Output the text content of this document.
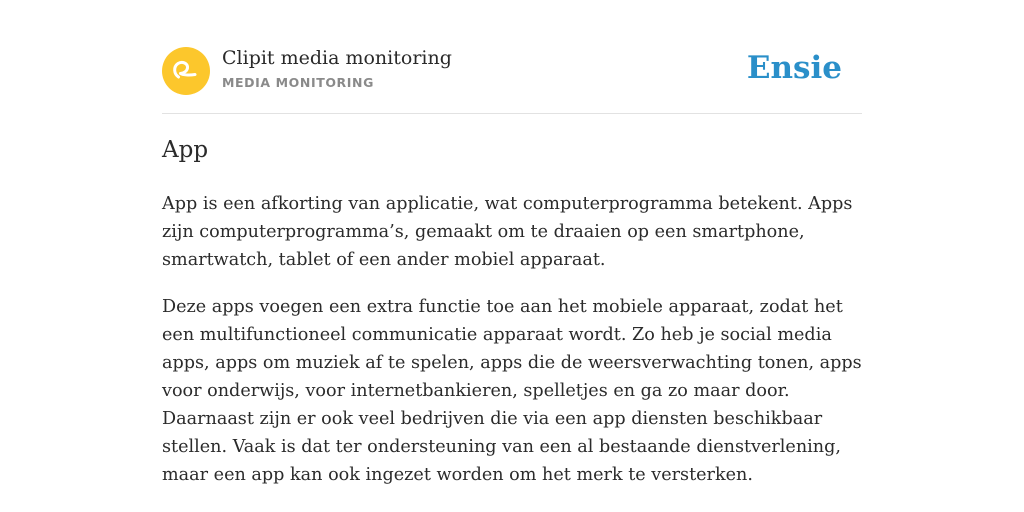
Clipit media monitoring
MEDIA MONITORING	Ensie
App

App is een afkorting van applicatie, wat computerprogramma betekent. Apps zijn computerprogramma’s, gemaakt om te draaien op een smartphone, smartwatch, tablet of een ander mobiel apparaat.

Deze apps voegen een extra functie toe aan het mobiele apparaat, zodat het een multifunctioneel communicatie apparaat wordt. Zo heb je social media apps, apps om muziek af te spelen, apps die de weersverwachting tonen, apps voor onderwijs, voor internetbankieren, spelletjes en ga zo maar door. Daarnaast zijn er ook veel bedrijven die via een app diensten beschikbaar stellen. Vaak is dat ter ondersteuning van een al bestaande dienstverlening, maar een app kan ook ingezet worden om het merk te versterken.
